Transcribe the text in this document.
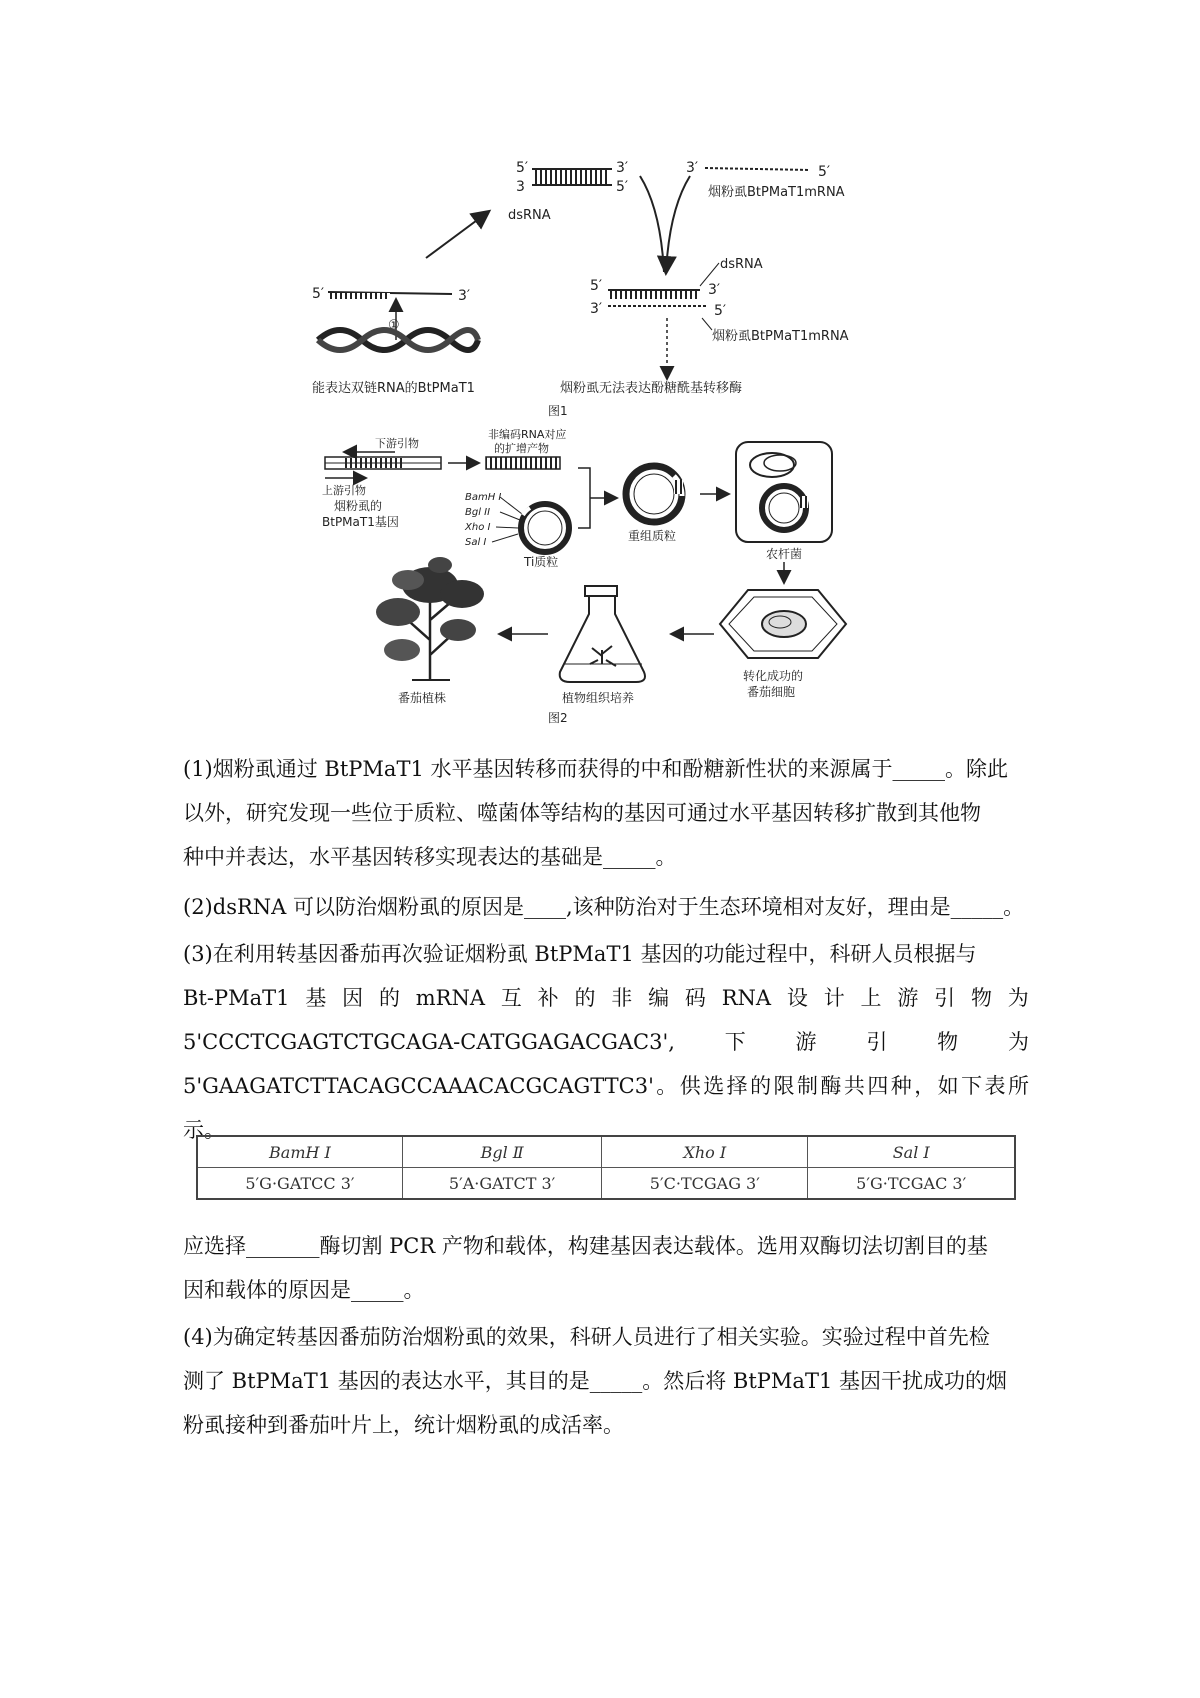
5′	3′
3	5′
dsRNA
3′	5′
烟粉虱BtPMaT1mRNA
dsRNA
5′	3′
3′	5′
烟粉虱BtPMaT1mRNA
5′	3′
①
能表达双链RNA的BtPMaT1	烟粉虱无法表达酚糖酰基转移酶
图1
下游引物
上游引物
烟粉虱的
BtPMaT1基因
非编码RNA对应
的扩增产物
BamH I
Bgl II
Xho I
Sal I
Ti质粒
重组质粒
农杆菌
转化成功的
番茄细胞
植物组织培养
番茄植株
图2
(1)烟粉虱通过 BtPMaT1 水平基因转移而获得的中和酚糖新性状的来源属于_____。除此
以外，研究发现一些位于质粒、噬菌体等结构的基因可通过水平基因转移扩散到其他物
种中并表达，水平基因转移实现表达的基础是_____。
(2)dsRNA 可以防治烟粉虱的原因是____,该种防治对于生态环境相对友好，理由是_____。
(3)在利用转基因番茄再次验证烟粉虱 BtPMaT1 基因的功能过程中，科研人员根据与
Bt-PMaT1 基 因 的 mRNA 互 补 的 非 编 码 RNA 设 计 上 游 引 物 为
5'CCCTCGAGTCTGCAGA-CATGGAGACGAC3', 下 游 引 物 为
5'GAAGATCTTACAGCCAAACACGCAGTTC3'。供选择的限制酶共四种，如下表所示。
BamH Ⅰ	Bgl Ⅱ	Xho Ⅰ	Sal Ⅰ
5′G·GATCC 3′	5′A·GATCT 3′	5′C·TCGAG 3′	5′G·TCGAC 3′
应选择_______酶切割 PCR 产物和载体，构建基因表达载体。选用双酶切法切割目的基
因和载体的原因是_____。
(4)为确定转基因番茄防治烟粉虱的效果，科研人员进行了相关实验。实验过程中首先检
测了 BtPMaT1 基因的表达水平，其目的是_____。然后将 BtPMaT1 基因干扰成功的烟
粉虱接种到番茄叶片上，统计烟粉虱的成活率。
